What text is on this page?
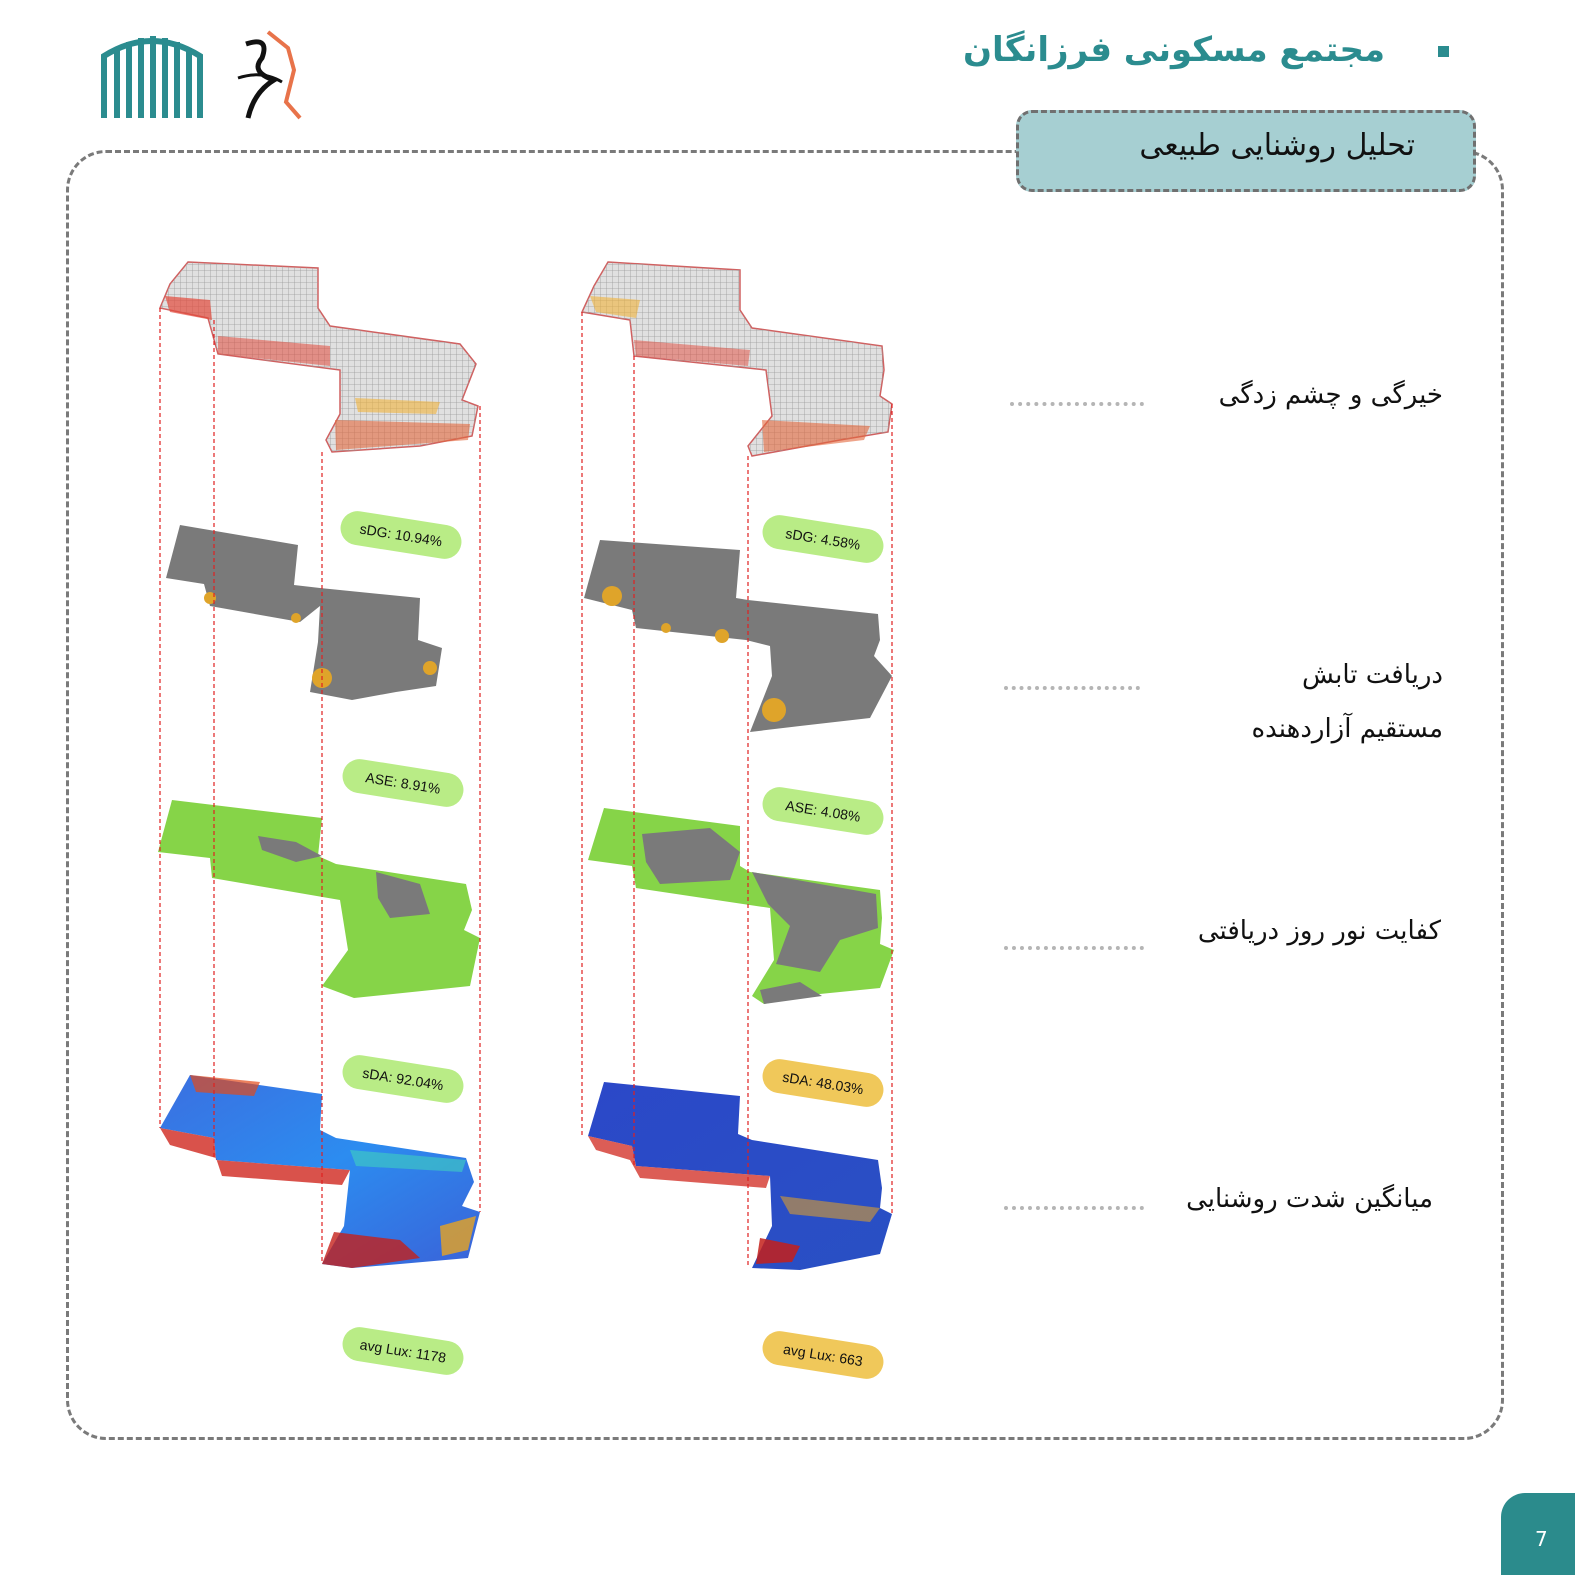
مجتمع مسکونی فرزانگان
تحلیل روشنایی طبیعی
sDG: 10.94%
ASE: 8.91%
sDA: 92.04%
avg Lux: 1178
sDG: 4.58%
ASE: 4.08%
sDA: 48.03%
avg Lux: 663
خیرگی و چشم زدگی
دریافت تابش
مستقیم آزاردهنده
کفایت نور روز دریافتی
میانگین شدت روشنایی
7
